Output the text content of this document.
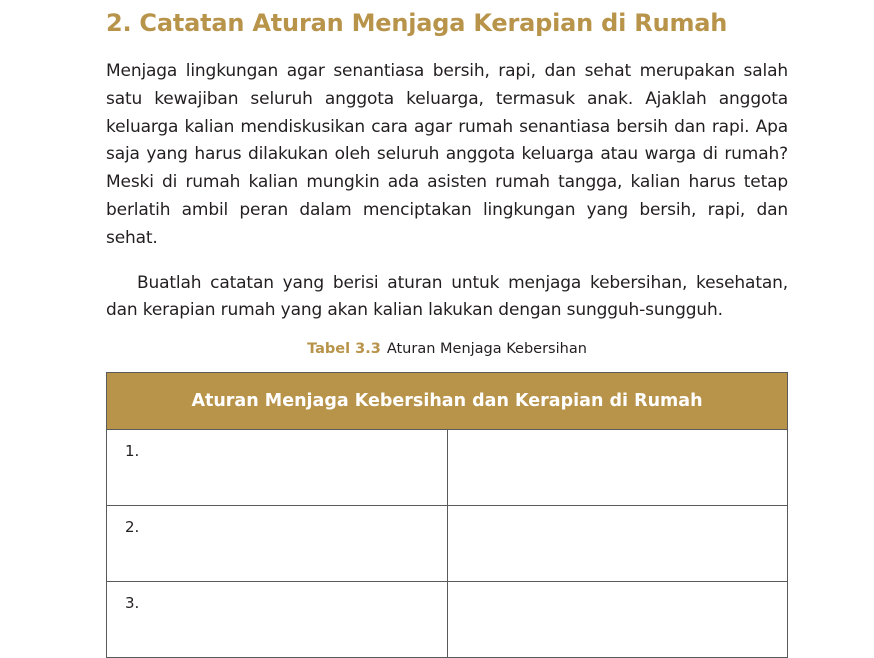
2. Catatan Aturan Menjaga Kerapian di Rumah

Menjaga lingkungan agar senantiasa bersih, rapi, dan sehat merupakan salah satu kewajiban seluruh anggota keluarga, termasuk anak. Ajaklah anggota keluarga kalian mendiskusikan cara agar rumah senantiasa bersih dan rapi. Apa saja yang harus dilakukan oleh seluruh anggota keluarga atau warga di rumah? Meski di rumah kalian mungkin ada asisten rumah tangga, kalian harus tetap berlatih ambil peran dalam menciptakan lingkungan yang bersih, rapi, dan sehat.

Buatlah catatan yang berisi aturan untuk menjaga kebersihan, kesehatan, dan kerapian rumah yang akan kalian lakukan dengan sungguh-sungguh.

Tabel 3.3 Aturan Menjaga Kebersihan
Aturan Menjaga Kebersihan dan Kerapian di Rumah	
1.	
2.	
3.	
